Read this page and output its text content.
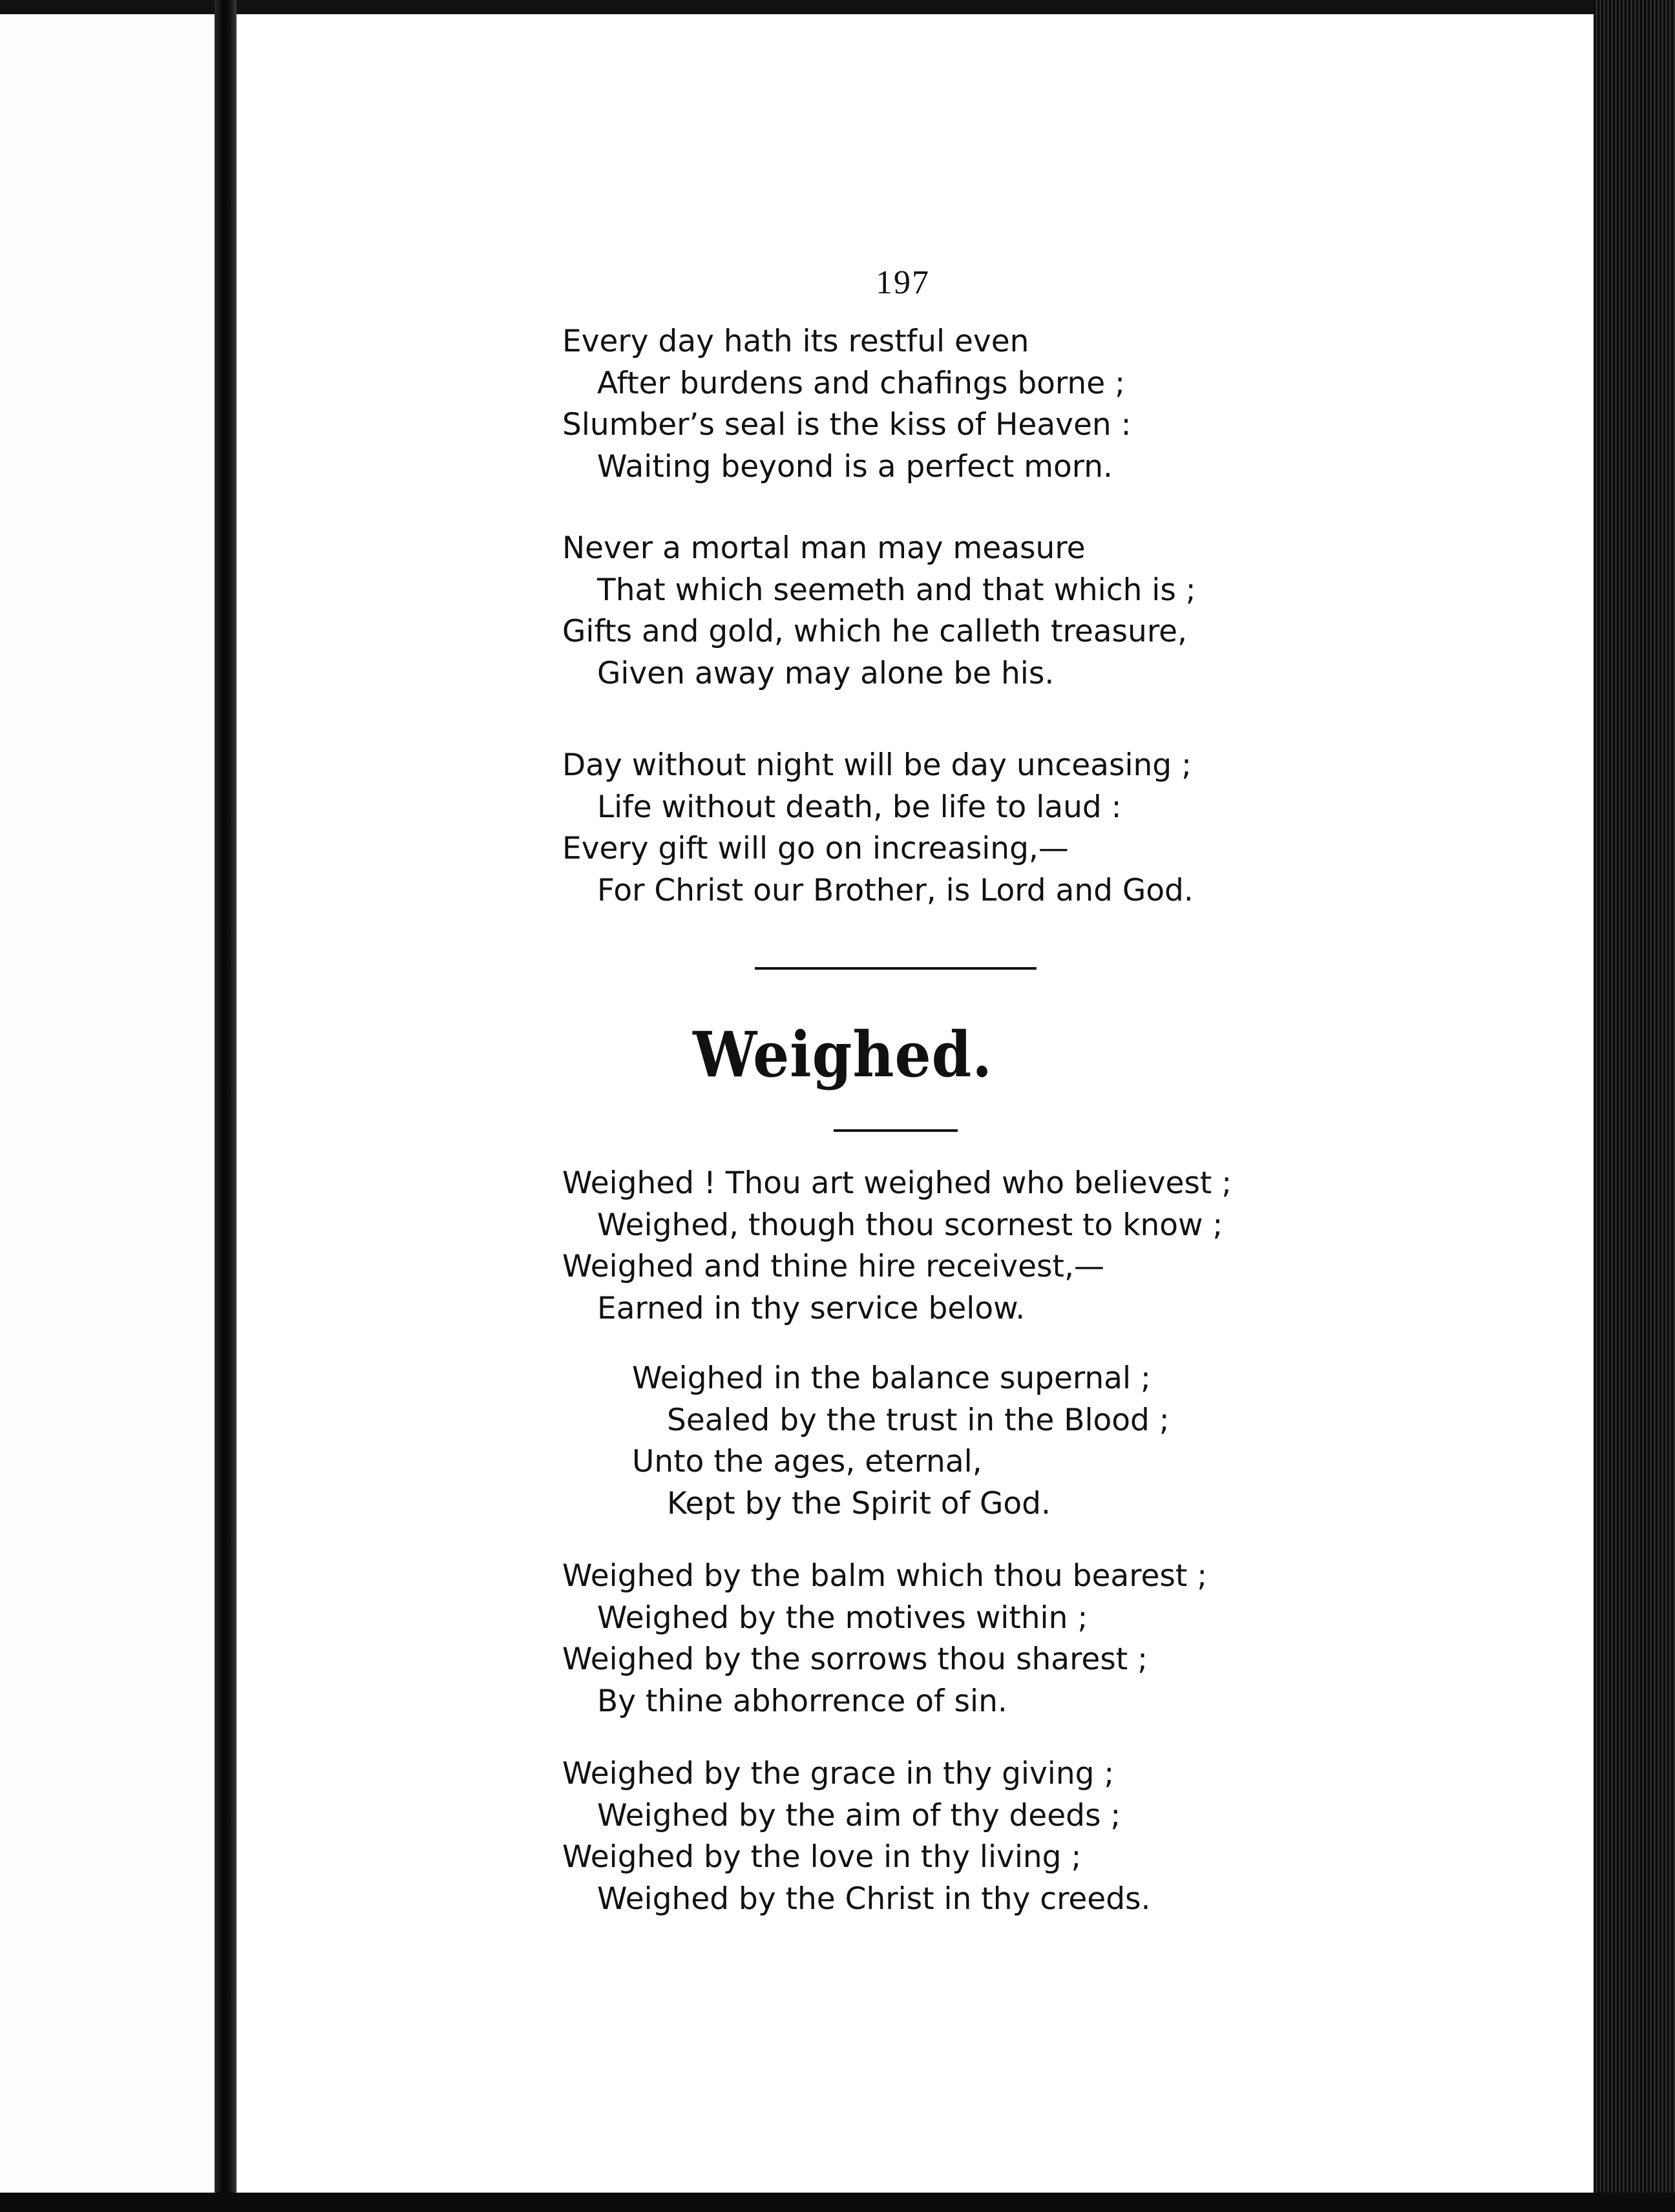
197
Every day hath its restful even
After burdens and chafings borne ;
Slumber’s seal is the kiss of Heaven :
Waiting beyond is a perfect morn.
Never a mortal man may measure
That which seemeth and that which is ;
Gifts and gold, which he calleth treasure,
Given away may alone be his.
Day without night will be day unceasing ;
Life without death, be life to laud :
Every gift will go on increasing,—
For Christ our Brother, is Lord and God.
Weighed.
Weighed ! Thou art weighed who believest ;
Weighed, though thou scornest to know ;
Weighed and thine hire receivest,—
Earned in thy service below.
Weighed in the balance supernal ;
Sealed by the trust in the Blood ;
Unto the ages, eternal,
Kept by the Spirit of God.
Weighed by the balm which thou bearest ;
Weighed by the motives within ;
Weighed by the sorrows thou sharest ;
By thine abhorrence of sin.
Weighed by the grace in thy giving ;
Weighed by the aim of thy deeds ;
Weighed by the love in thy living ;
Weighed by the Christ in thy creeds.
